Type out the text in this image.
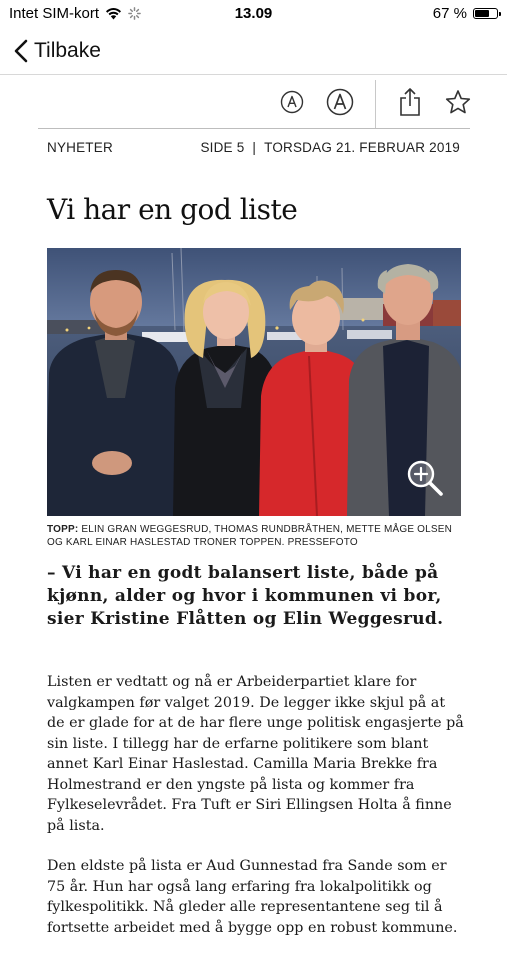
Intet SIM-kort	13.09	67 %
Tilbake
NYHETER	SIDE 5 | TORSDAG 21. FEBRUAR 2019
Vi har en god liste
TOPP: ELIN GRAN WEGGESRUD, THOMAS RUNDBRÅTHEN, METTE MÅGE OLSEN OG KARL EINAR HASLESTAD TRONER TOPPEN. PRESSEFOTO

– Vi har en godt balansert liste, både på kjønn, alder og hvor i kommunen vi bor, sier Kristine Flåtten og Elin Weggesrud.

Listen er vedtatt og nå er Arbeiderpartiet klare for valgkampen før valget 2019. De legger ikke skjul på at de er glade for at de har flere unge politisk engasjerte på sin liste. I tillegg har de erfarne politikere som blant annet Karl Einar Haslestad. Camilla Maria Brekke fra Holmestrand er den yngste på lista og kommer fra Fylkeselevrådet. Fra Tuft er Siri Ellingsen Holta å finne på lista.

Den eldste på lista er Aud Gunnestad fra Sande som er 75 år. Hun har også lang erfaring fra lokalpolitikk og fylkespolitikk. Nå gleder alle representantene seg til å fortsette arbeidet med å bygge opp en robust kommune.
